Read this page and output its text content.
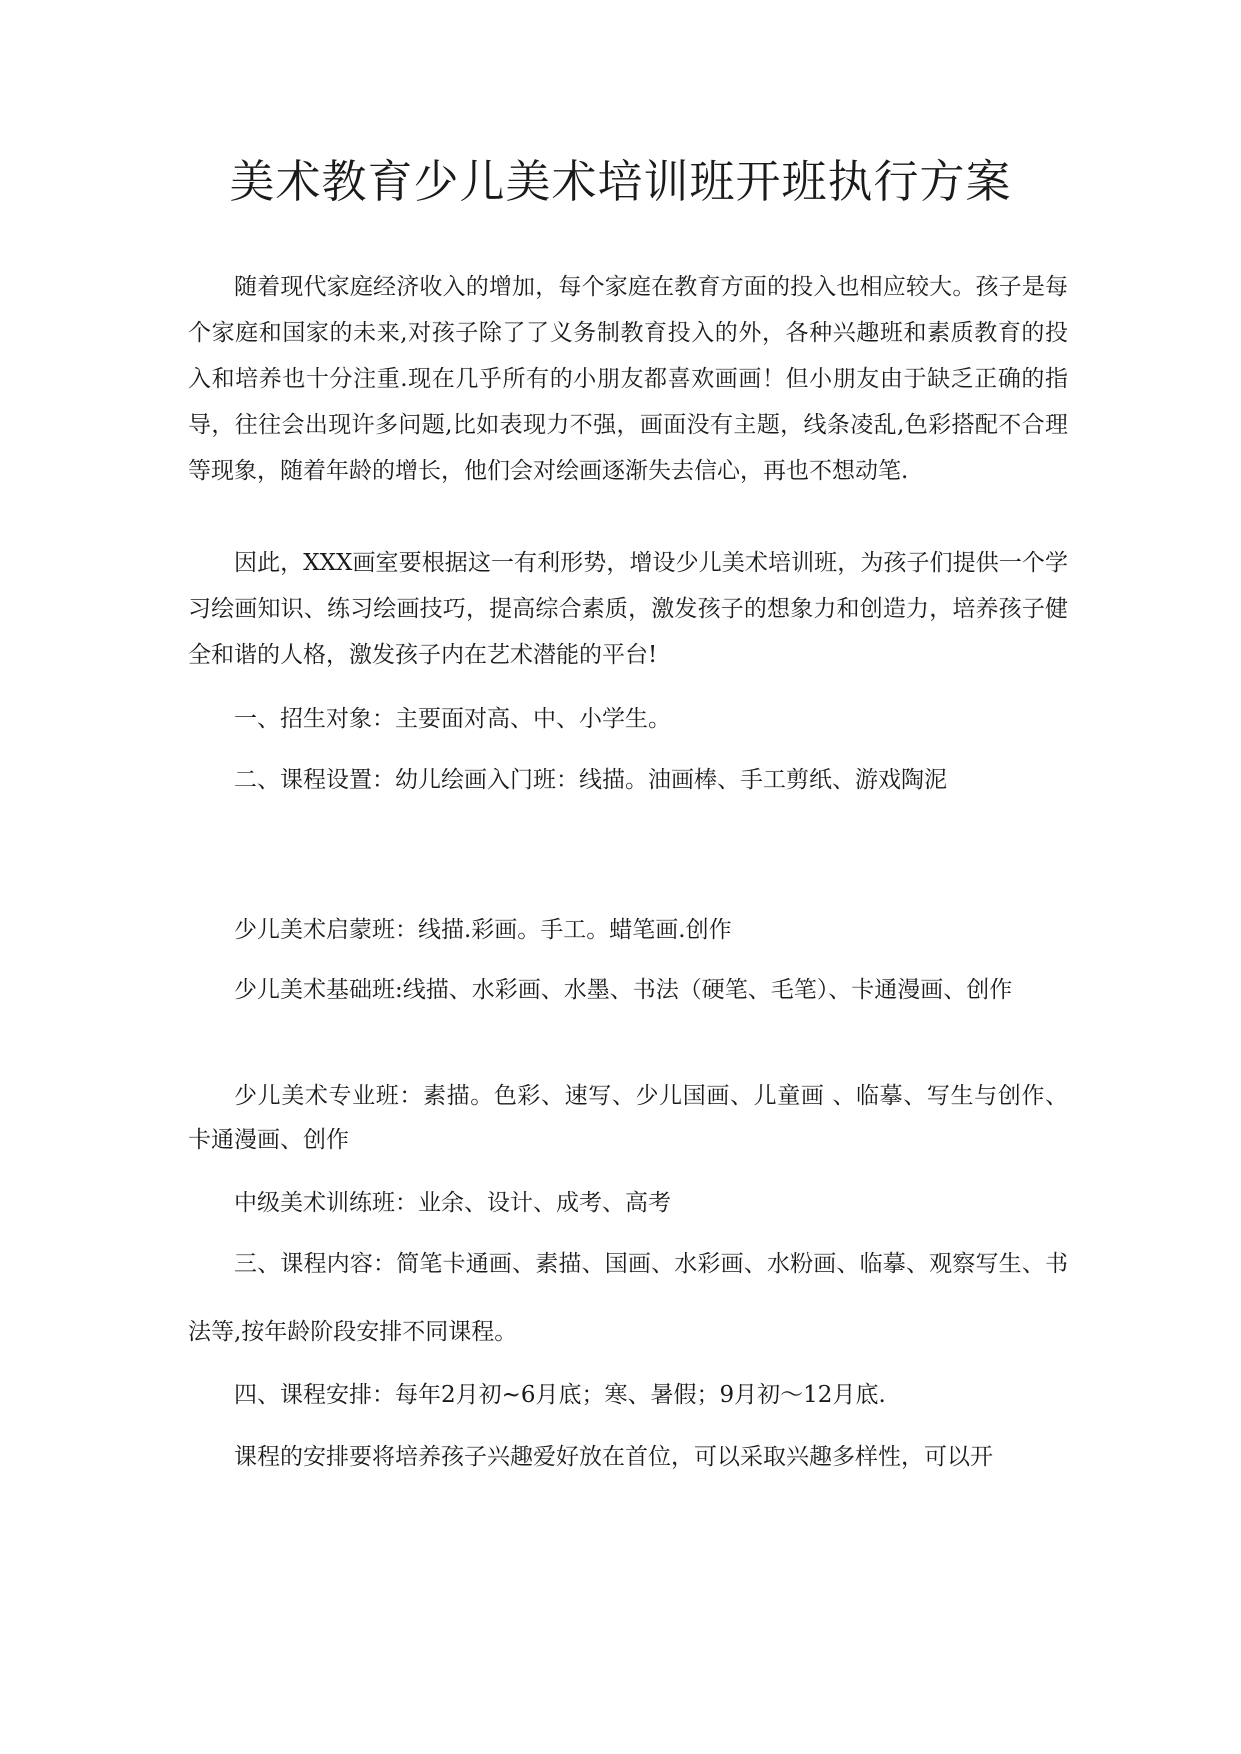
美术教育少儿美术培训班开班执行方案

随着现代家庭经济收入的增加，每个家庭在教育方面的投入也相应较大。孩子是每个家庭和国家的未来,对孩子除了了义务制教育投入的外，各种兴趣班和素质教育的投入和培养也十分注重.现在几乎所有的小朋友都喜欢画画！但小朋友由于缺乏正确的指导，往往会出现许多问题,比如表现力不强，画面没有主题，线条凌乱,色彩搭配不合理等现象，随着年龄的增长，他们会对绘画逐渐失去信心，再也不想动笔.

因此，XXX画室要根据这一有利形势，增设少儿美术培训班，为孩子们提供一个学习绘画知识、练习绘画技巧，提高综合素质，激发孩子的想象力和创造力，培养孩子健全和谐的人格，激发孩子内在艺术潜能的平台!

一、招生对象：主要面对高、中、小学生。

二、课程设置：幼儿绘画入门班：线描。油画棒、手工剪纸、游戏陶泥

少儿美术启蒙班：线描.彩画。手工。蜡笔画.创作

少儿美术基础班:线描、水彩画、水墨、书法（硬笔、毛笔）、卡通漫画、创作

少儿美术专业班：素描。色彩、速写、少儿国画、儿童画 、临摹、写生与创作、卡通漫画、创作

中级美术训练班：业余、设计、成考、高考

三、课程内容：简笔卡通画、素描、国画、水彩画、水粉画、临摹、观察写生、书法等,按年龄阶段安排不同课程。

四、课程安排：每年2月初~6月底；寒、暑假；9月初～12月底.

课程的安排要将培养孩子兴趣爱好放在首位，可以采取兴趣多样性，可以开
